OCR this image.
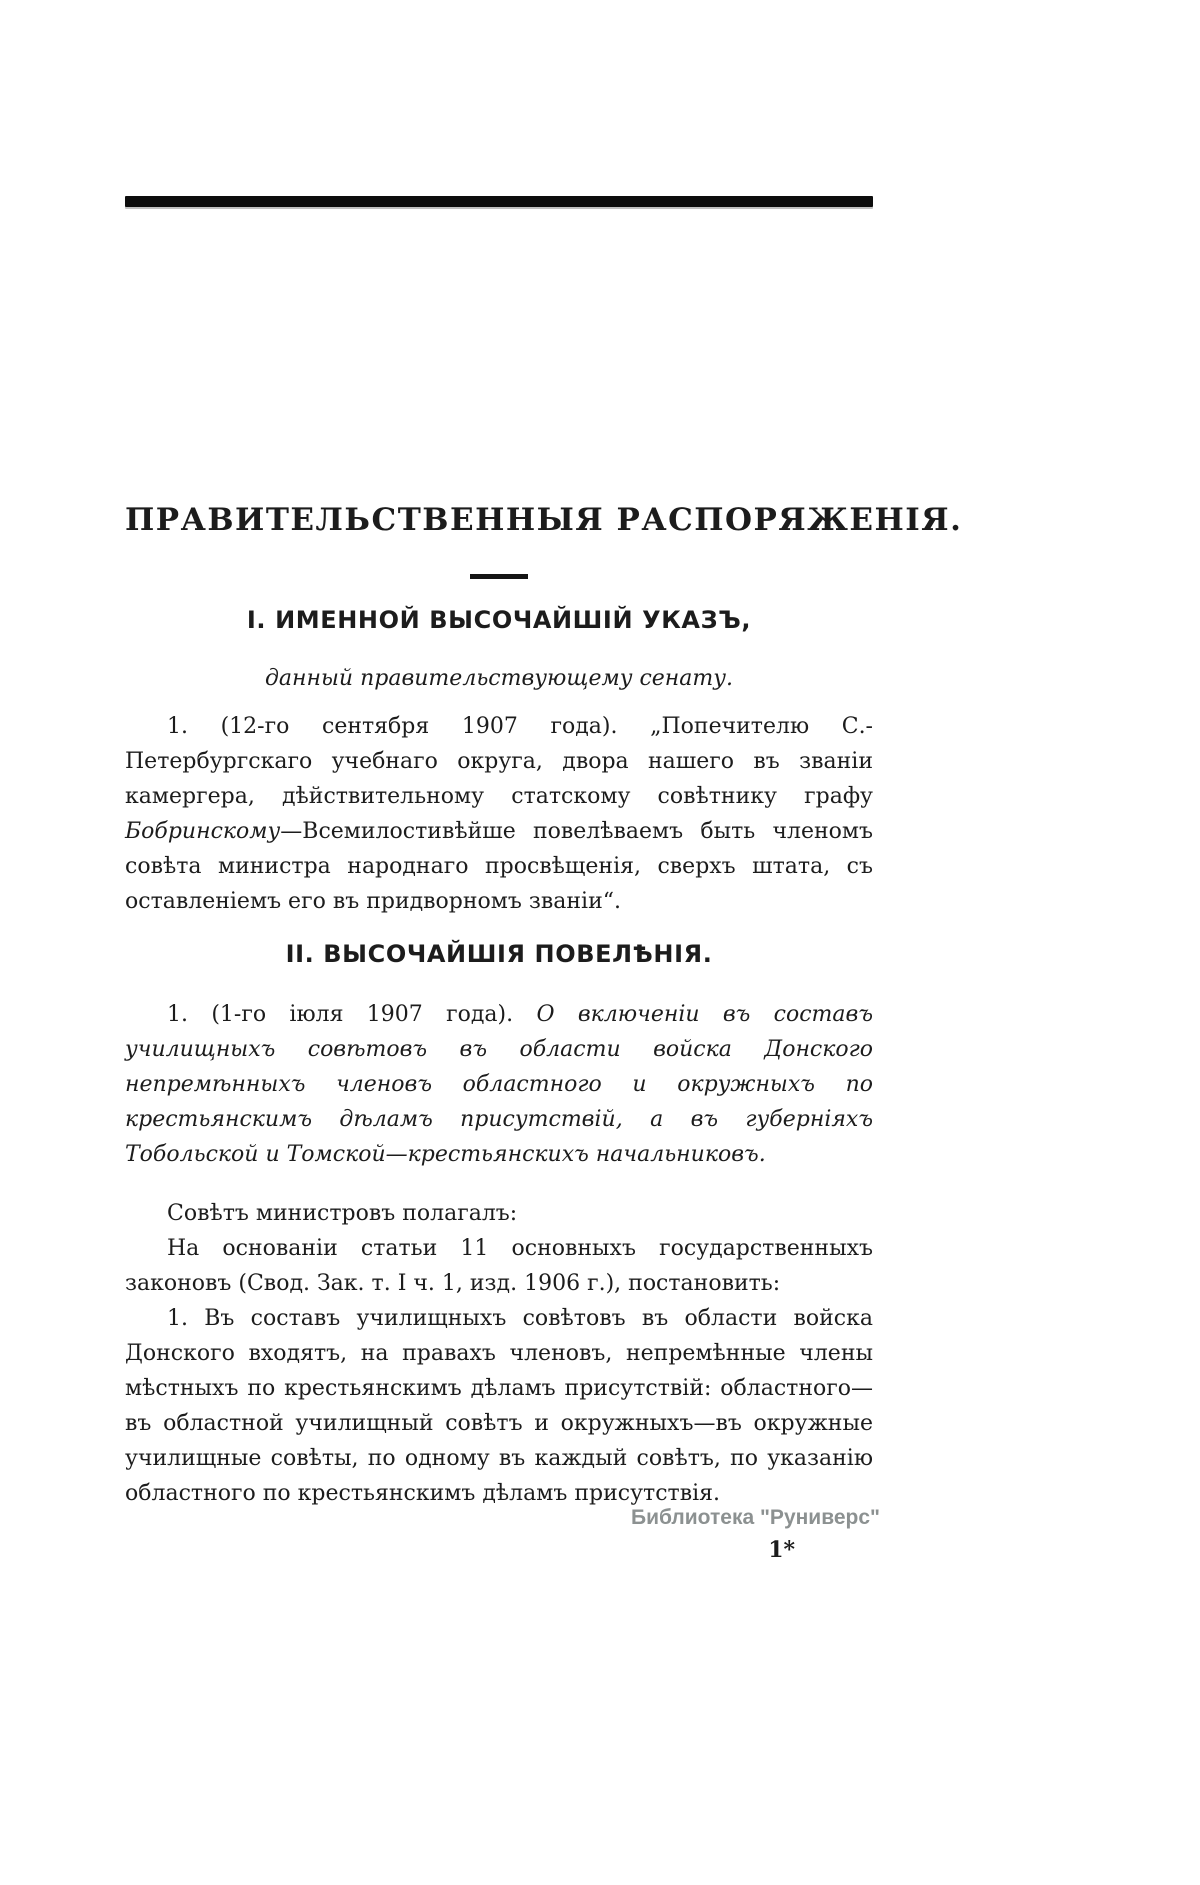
ПРАВИТЕЛЬСТВЕННЫЯ РАСПОРЯЖЕНІЯ.
I. ИМЕННОЙ ВЫСОЧАЙШІЙ УКАЗЪ,

данный правительствующему сенату.

1. (12-го сентября 1907 года). „Попечителю С.-Петербургскаго учебнаго округа, двора нашего въ званіи камергера, дѣйствительному статскому совѣтнику графу Бобринскому—Всемилостивѣйше повелѣваемъ быть членомъ совѣта министра народнаго просвѣщенія, сверхъ штата, съ оставленіемъ его въ придворномъ званіи“.

II. ВЫСОЧАЙШІЯ ПОВЕЛѢНІЯ.

1. (1-го іюля 1907 года). О включеніи въ составъ училищныхъ совѣтовъ въ области войска Донского непремѣнныхъ членовъ областного и окружныхъ по крестьянскимъ дѣламъ присутствій, а въ губерніяхъ Тобольской и Томской—крестьянскихъ начальниковъ.

Совѣтъ министровъ полагалъ:

На основаніи статьи 11 основныхъ государственныхъ законовъ (Свод. Зак. т. I ч. 1, изд. 1906 г.), постановить:

1. Въ составъ училищныхъ совѣтовъ въ области войска Донского входятъ, на правахъ членовъ, непремѣнные члены мѣстныхъ по крестьянскимъ дѣламъ присутствій: областного—въ областной училищный совѣтъ и окружныхъ—въ окружные училищные совѣты, по одному въ каждый совѣтъ, по указанію областного по крестьянскимъ дѣламъ присутствія.

1*
Библиотека "Руниверс"
